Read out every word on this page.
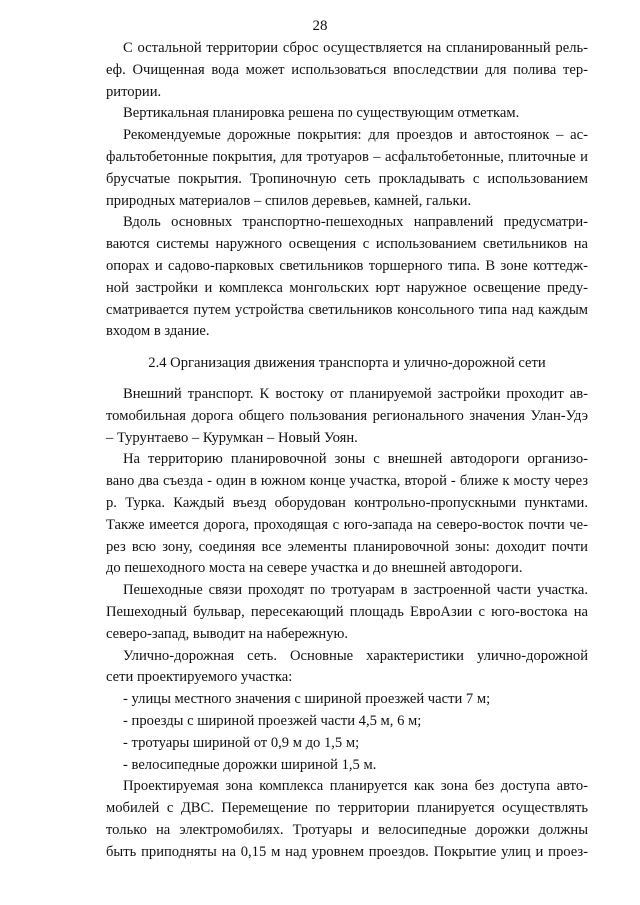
28
С остальной территории сброс осуществляется на спланированный рель-
еф. Очищенная вода может использоваться впоследствии для полива тер-
ритории.
Вертикальная планировка решена по существующим отметкам.
Рекомендуемые дорожные покрытия: для проездов и автостоянок – ас-
фальтобетонные покрытия, для тротуаров – асфальтобетонные, плиточные и
брусчатые покрытия. Тропиночную сеть прокладывать с использованием
природных материалов – спилов деревьев, камней, гальки.
Вдоль основных транспортно-пешеходных направлений предусматри-
ваются системы наружного освещения с использованием светильников на
опорах и садово-парковых светильников торшерного типа. В зоне коттедж-
ной застройки и комплекса монгольских юрт наружное освещение преду-
сматривается путем устройства светильников консольного типа над каждым
входом в здание.
2.4 Организация движения транспорта и улично-дорожной сети
Внешний транспорт. К востоку от планируемой застройки проходит ав-
томобильная дорога общего пользования регионального значения Улан-Удэ
– Турунтаево – Курумкан – Новый Уоян.
На территорию планировочной зоны с внешней автодороги организо-
вано два съезда - один в южном конце участка, второй - ближе к мосту через
р. Турка. Каждый въезд оборудован контрольно-пропускными пунктами.
Также имеется дорога, проходящая с юго-запада на северо-восток почти че-
рез всю зону, соединяя все элементы планировочной зоны: доходит почти
до пешеходного моста на севере участка и до внешней автодороги.
Пешеходные связи проходят по тротуарам в застроенной части участка.
Пешеходный бульвар, пересекающий площадь ЕвроАзии с юго-востока на
северо-запад, выводит на набережную.
Улично-дорожная сеть. Основные характеристики улично-дорожной
сети проектируемого участка:
- улицы местного значения с шириной проезжей части 7 м;
- проезды с шириной проезжей части 4,5 м, 6 м;
- тротуары шириной от 0,9 м до 1,5 м;
- велосипедные дорожки шириной 1,5 м.
Проектируемая зона комплекса планируется как зона без доступа авто-
мобилей с ДВС. Перемещение по территории планируется осуществлять
только на электромобилях. Тротуары и велосипедные дорожки должны
быть приподняты на 0,15 м над уровнем проездов. Покрытие улиц и проез-
